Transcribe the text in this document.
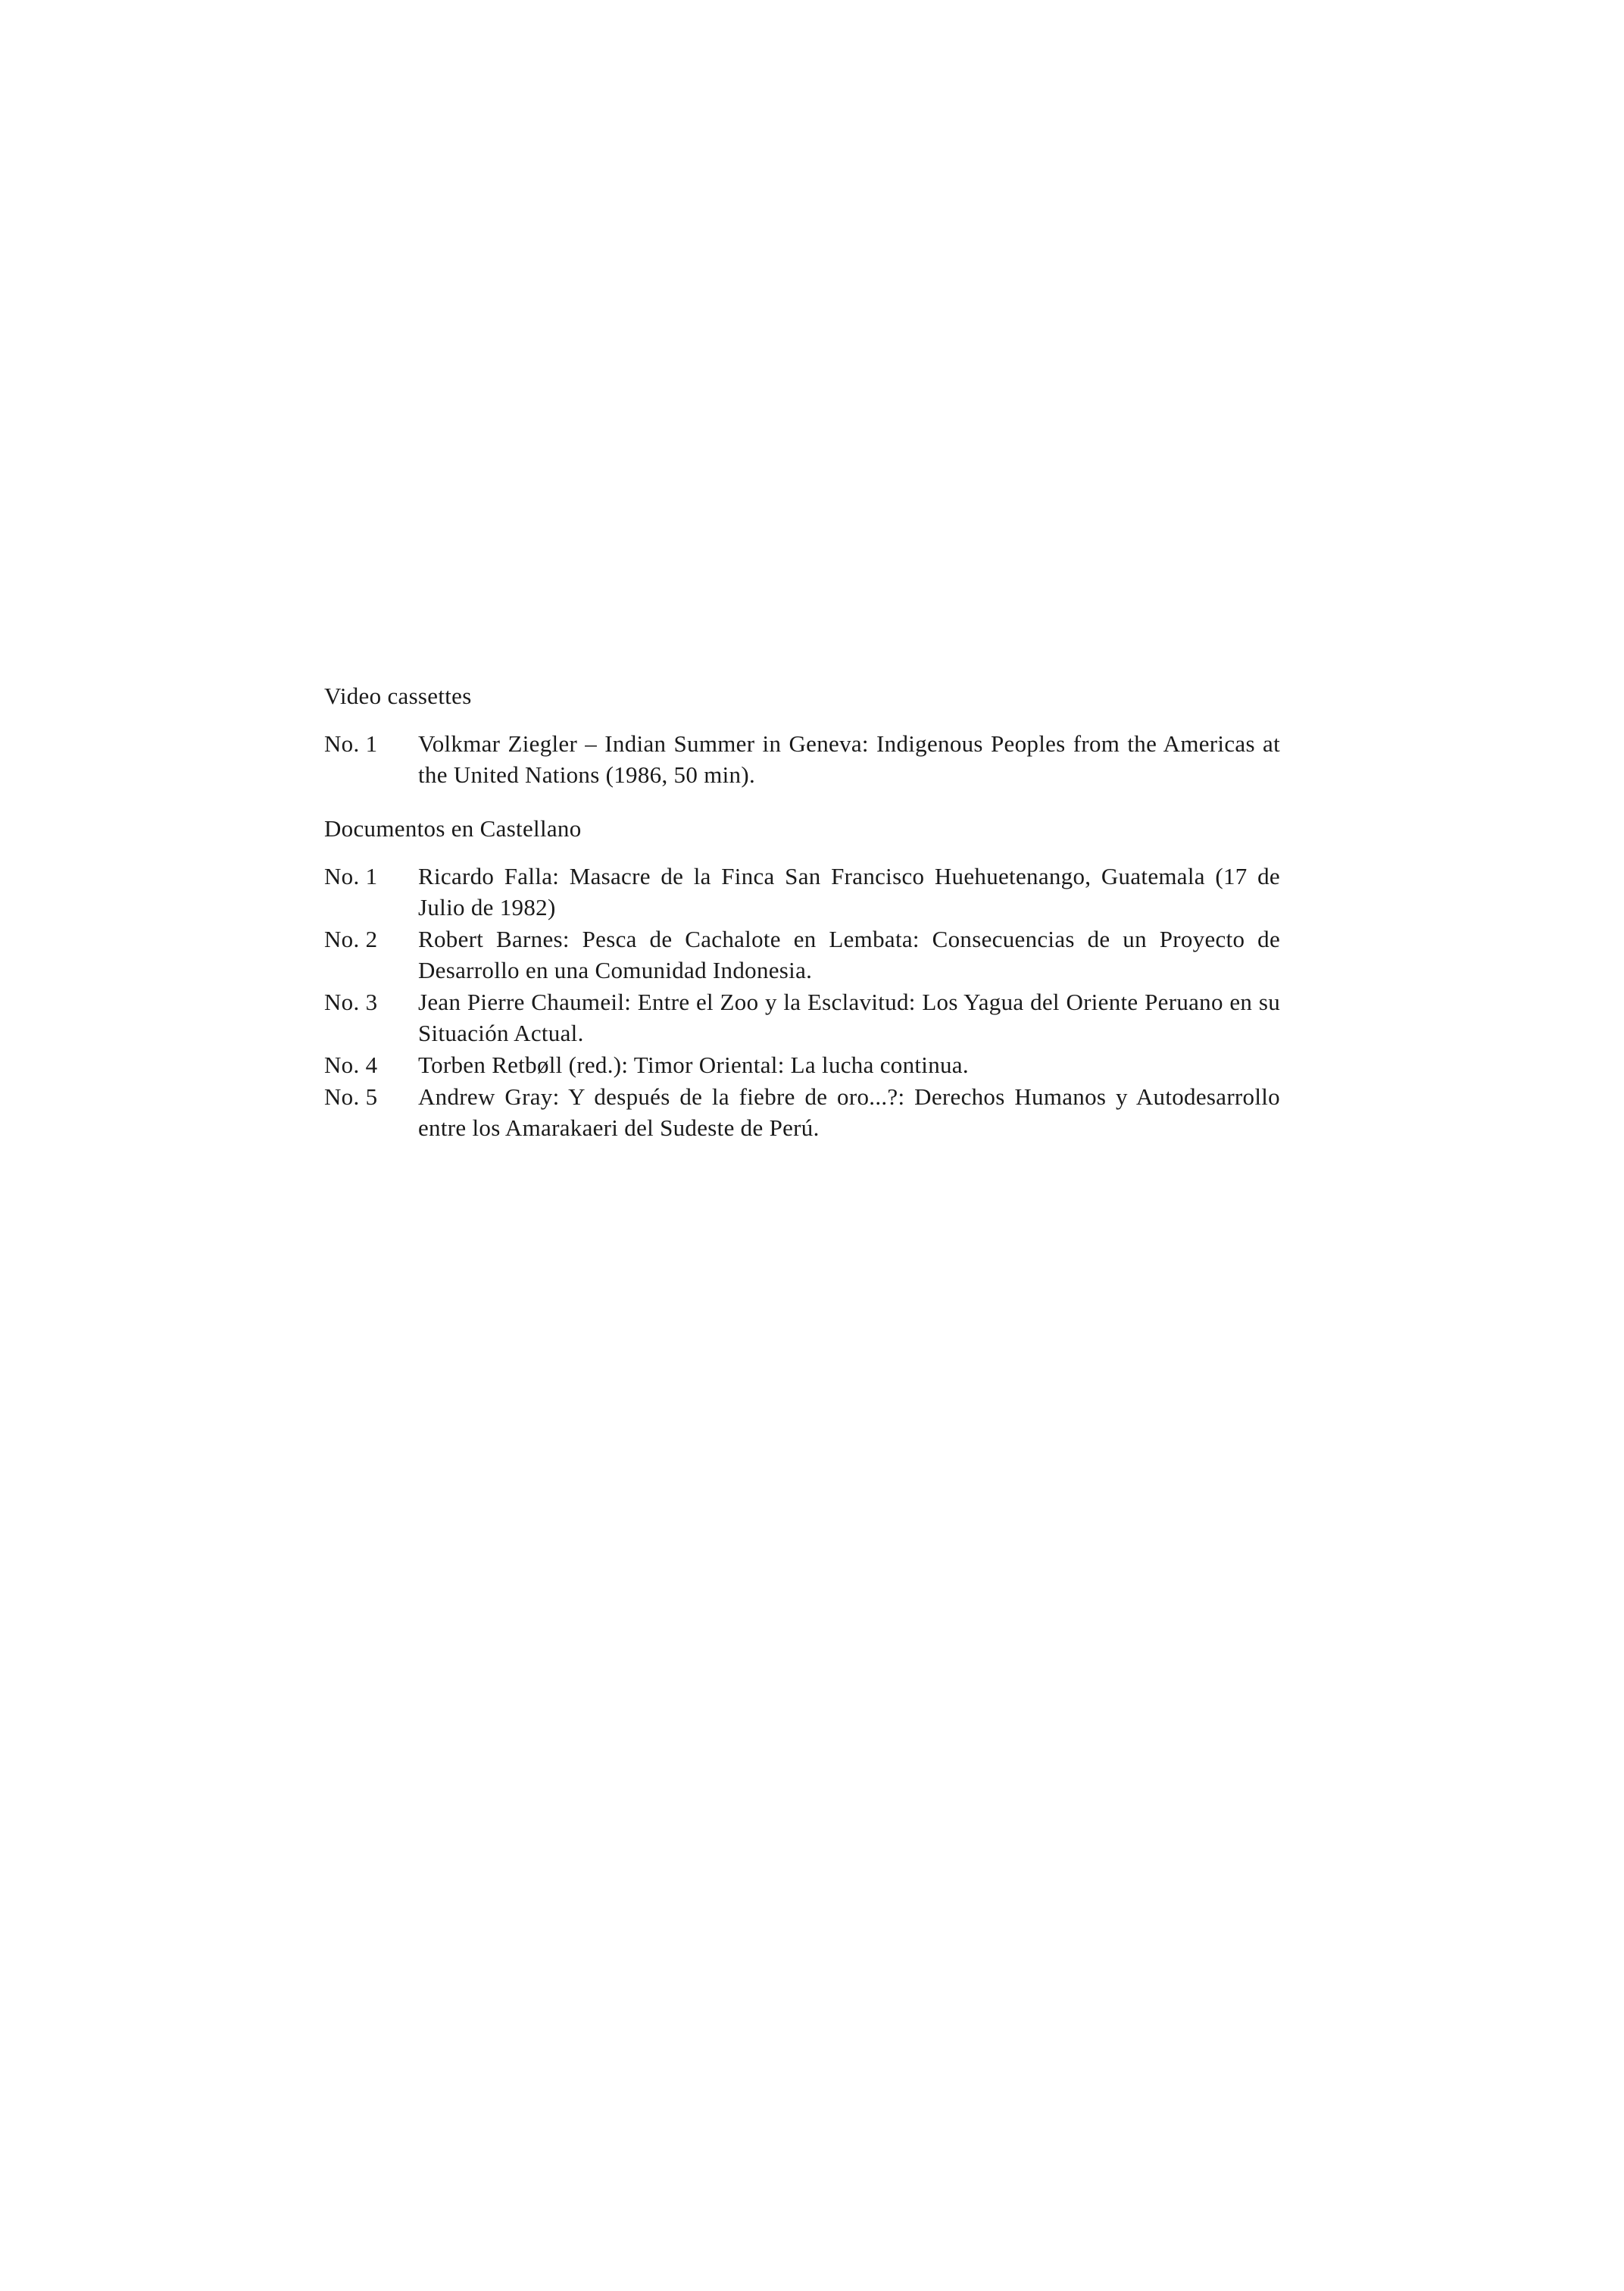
Video cassettes
No. 1	Volkmar Ziegler – Indian Summer in Geneva: Indigenous Peoples from the Americas at the United Nations (1986, 50 min).
Documentos en Castellano
No. 1	Ricardo Falla: Masacre de la Finca San Francisco Huehuetenango, Guatemala (17 de Julio de 1982)
No. 2	Robert Barnes: Pesca de Cachalote en Lembata: Consecuencias de un Proyecto de Desarrollo en una Comunidad Indonesia.
No. 3	Jean Pierre Chaumeil: Entre el Zoo y la Esclavitud: Los Yagua del Oriente Peruano en su Situación Actual.
No. 4	Torben Retbøll (red.): Timor Oriental: La lucha continua.
No. 5	Andrew Gray: Y después de la fiebre de oro...?: Derechos Humanos y Autodesarrollo entre los Amarakaeri del Sudeste de Perú.
